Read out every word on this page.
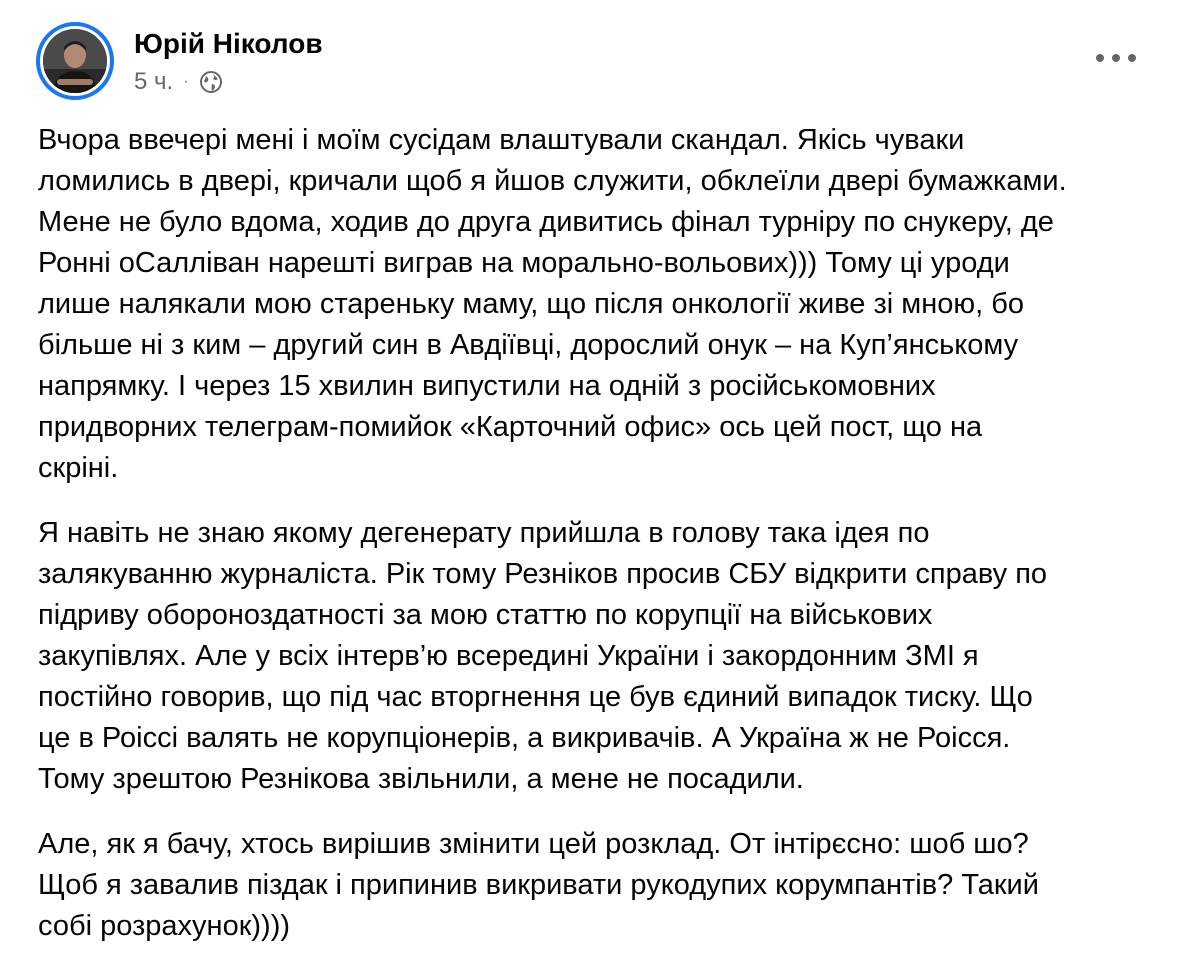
Юрій Ніколов
5 ч. ·

Вчора ввечері мені і моїм сусідам влаштували скандал. Якісь чуваки
ломились в двері, кричали щоб я йшов служити, обклеїли двері бумажками.
Мене не було вдома, ходив до друга дивитись фінал турніру по снукеру, де
Ронні оСалліван нарешті виграв на морально-вольових))) Тому ці уроди
лише налякали мою стареньку маму, що після онкології живе зі мною, бо
більше ні з ким – другий син в Авдіївці, дорослий онук – на Куп’янському
напрямку. І через 15 хвилин випустили на одній з російськомовних
придворних телеграм-помийок «Карточний офис» ось цей пост, що на
скріні.

Я навіть не знаю якому дегенерату прийшла в голову така ідея по
залякуванню журналіста. Рік тому Резніков просив СБУ відкрити справу по
підриву обороноздатності за мою статтю по корупції на військових
закупівлях. Але у всіх інтерв’ю всередині України і закордонним ЗМІ я
постійно говорив, що під час вторгнення це був єдиний випадок тиску. Що
це в Роіссі валять не корупціонерів, а викривачів. А Україна ж не Роісся.
Тому зрештою Резнікова звільнили, а мене не посадили.

Але, як я бачу, хтось вирішив змінити цей розклад. От інтірєсно: шоб шо?
Щоб я завалив піздак і припинив викривати рукодупих корумпантів? Такий
собі розрахунок))))
